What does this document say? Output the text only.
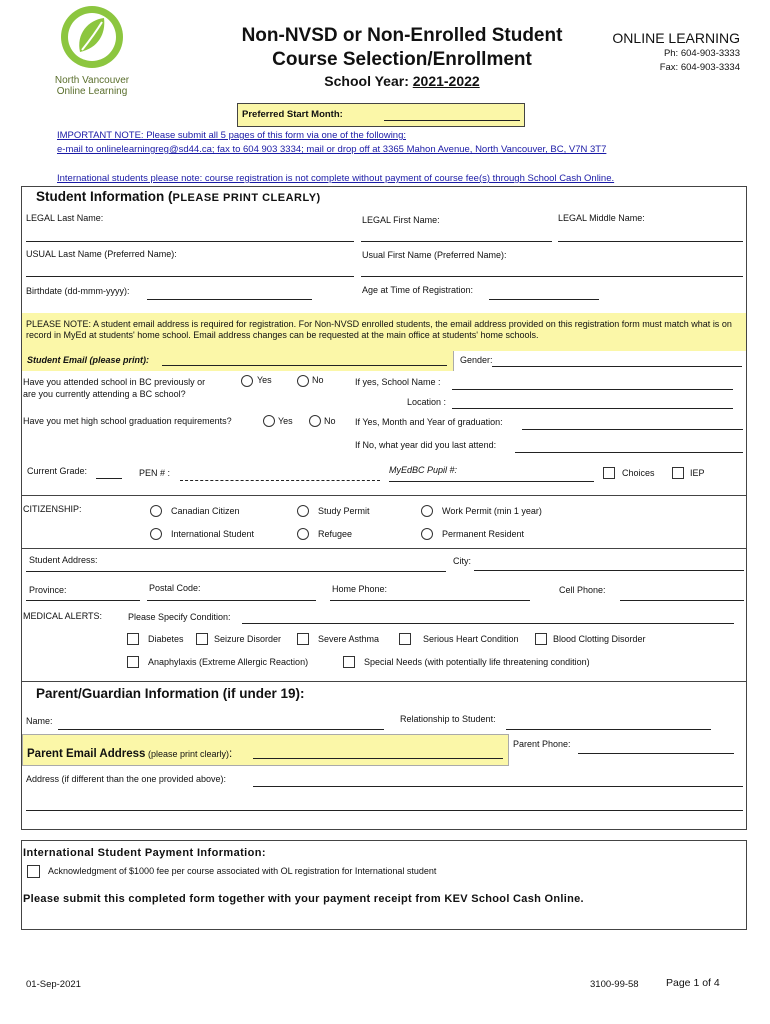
North Vancouver
Online Learning
Non-NVSD or Non-Enrolled Student
Course Selection/Enrollment
School Year: 2021-2022
ONLINE LEARNING
Ph: 604-903-3333
Fax: 604-903-3334
Preferred Start Month:
IMPORTANT NOTE: Please submit all 5 pages of this form via one of the following:
e-mail to onlinelearningreg@sd44.ca; fax to 604 903 3334; mail or drop off at 3365 Mahon Avenue, North Vancouver, BC, V7N 3T7
International students please note: course registration is not complete without payment of course fee(s) through School Cash Online.
Student Information (PLEASE PRINT CLEARLY)
LEGAL Last Name:	LEGAL First Name:	LEGAL Middle Name:
USUAL Last Name (Preferred Name):	Usual First Name (Preferred Name):
Birthdate (dd-mmm-yyyy):	Age at Time of Registration:
PLEASE NOTE: A student email address is required for registration. For Non-NVSD enrolled students, the email address provided on this registration form must match what is on record in MyEd at students' home school. Email address changes can be requested at the main office at students' home schools.
Student Email (please print):	Gender:
Have you attended school in BC previously or
are you currently attending a BC school?
Yes	No	If yes, School Name :
Location :
Have you met high school graduation requirements?	Yes	No If Yes, Month and Year of graduation:
If No, what year did you last attend:
Current Grade:	PEN # :	MyEdBC Pupil #:	Choices	IEP
CITIZENSHIP:	Canadian Citizen	Study Permit	Work Permit (min 1 year)
International Student	Refugee	Permanent Resident
Student Address:	City:
Province:	Postal Code:	Home Phone:	Cell Phone:
MEDICAL ALERTS:	Please Specify Condition:
Diabetes	Seizure Disorder	Severe Asthma	Serious Heart Condition	Blood Clotting Disorder
Anaphylaxis (Extreme Allergic Reaction)	Special Needs (with potentially life threatening condition)
Parent/Guardian Information (if under 19):
Name:	Relationship to Student:
Parent Email Address (please print clearly):
Parent Phone:
Address (if different than the one provided above):
International Student Payment Information:
Acknowledgment of $1000 fee per course associated with OL registration for International student
Please submit this completed form together with your payment receipt from KEV School Cash Online.
01-Sep-2021	3100-99-58	Page 1 of 4
